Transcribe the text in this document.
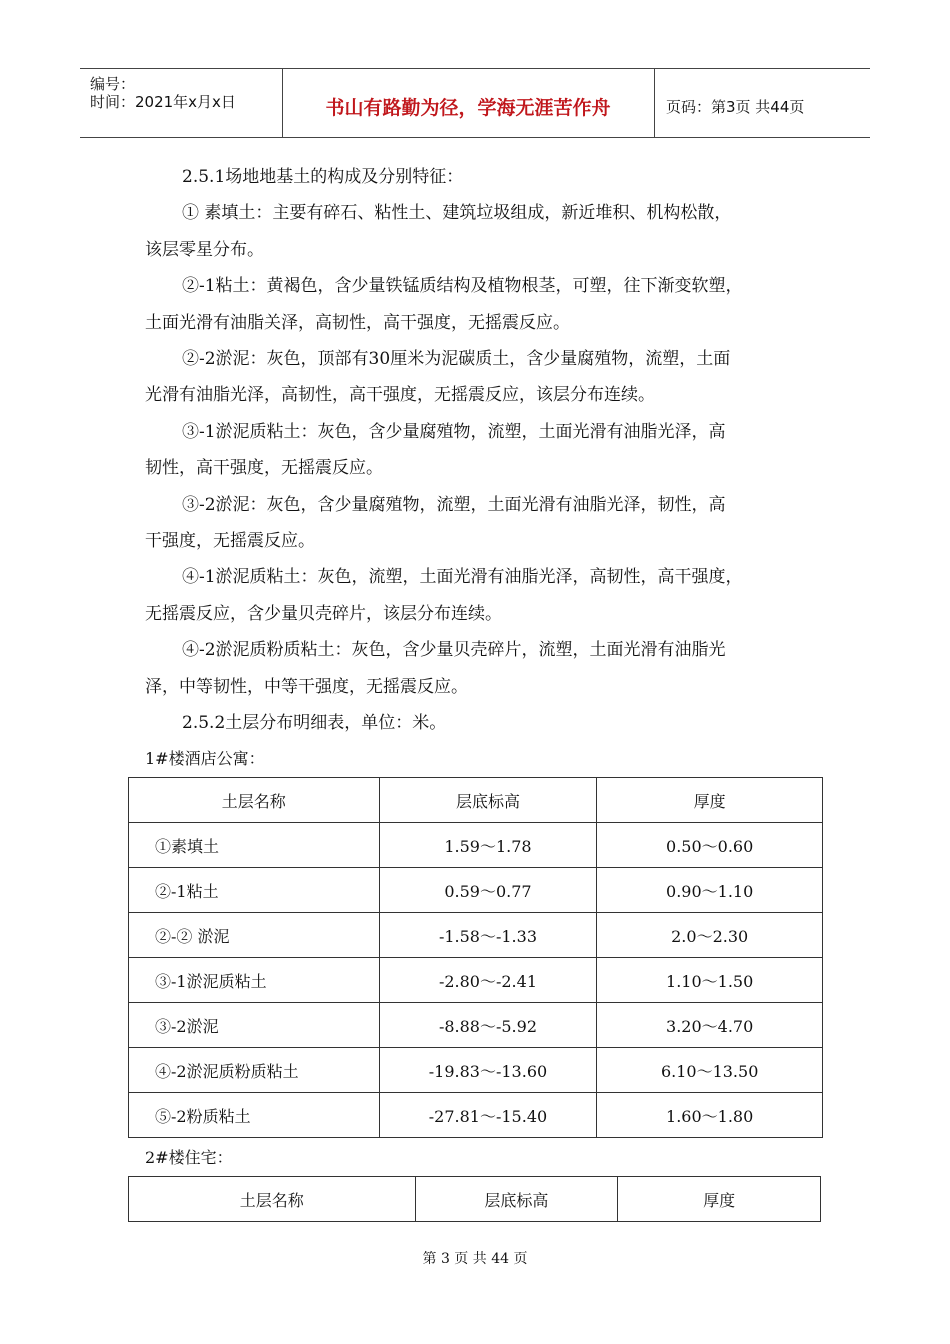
编号：
时间：2021年x月x日	书山有路勤为径，学海无涯苦作舟	页码：第3页 共44页
2.5.1场地地基土的构成及分别特征：
① 素填土：主要有碎石、粘性土、建筑垃圾组成，新近堆积、机构松散，
该层零星分布。
②-1粘土：黄褐色，含少量铁锰质结构及植物根茎，可塑，往下渐变软塑，
土面光滑有油脂关泽，高韧性，高干强度，无摇震反应。
②-2淤泥：灰色，顶部有30厘米为泥碳质土，含少量腐殖物，流塑，土面
光滑有油脂光泽，高韧性，高干强度，无摇震反应，该层分布连续。
③-1淤泥质粘土：灰色，含少量腐殖物，流塑，土面光滑有油脂光泽，高
韧性，高干强度，无摇震反应。
③-2淤泥：灰色，含少量腐殖物，流塑，土面光滑有油脂光泽，韧性，高
干强度，无摇震反应。
④-1淤泥质粘土：灰色，流塑，土面光滑有油脂光泽，高韧性，高干强度，
无摇震反应，含少量贝壳碎片，该层分布连续。
④-2淤泥质粉质粘土：灰色，含少量贝壳碎片，流塑，土面光滑有油脂光
泽，中等韧性，中等干强度，无摇震反应。
2.5.2土层分布明细表，单位：米。
1#楼酒店公寓：
土层名称	层底标高	厚度
①素填土	1.59～1.78	0.50～0.60
②-1粘土	0.59～0.77	0.90～1.10
②-② 淤泥	-1.58～-1.33	2.0～2.30
③-1淤泥质粘土	-2.80～-2.41	1.10～1.50
③-2淤泥	-8.88～-5.92	3.20～4.70
④-2淤泥质粉质粘土	-19.83～-13.60	6.10～13.50
⑤-2粉质粘土	-27.81～-15.40	1.60～1.80
2#楼住宅：
土层名称	层底标高	厚度
第 3 页 共 44 页
